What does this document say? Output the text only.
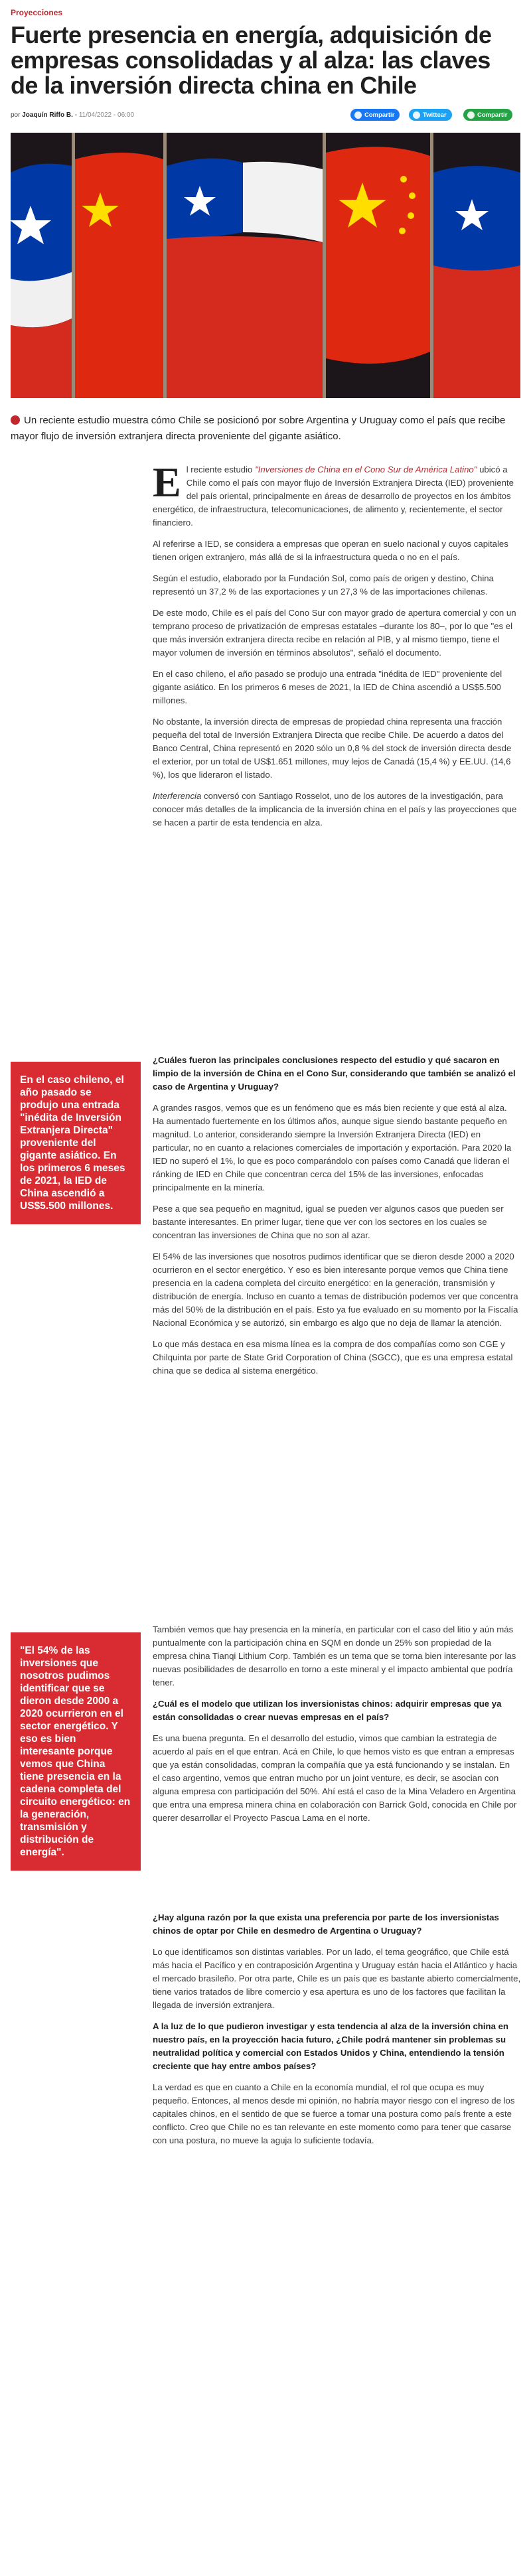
Proyecciones
Fuerte presencia en energía, adquisición de empresas consolidadas y al alza: las claves de la inversión directa china en Chile
por Joaquín Riffo B. - 11/04/2022 - 06:00	Compartir	Twittear	Compartir

Un reciente estudio muestra cómo Chile se posicionó por sobre Argentina y Uruguay como el país que recibe mayor flujo de inversión extranjera directa proveniente del gigante asiático.

El reciente estudio "Inversiones de China en el Cono Sur de América Latino" ubicó a Chile como el país con mayor flujo de Inversión Extranjera Directa (IED) proveniente del país oriental, principalmente en áreas de desarrollo de proyectos en los ámbitos energético, de infraestructura, telecomunicaciones, de alimento y, recientemente, el sector financiero.

Al referirse a IED, se considera a empresas que operan en suelo nacional y cuyos capitales tienen origen extranjero, más allá de si la infraestructura queda o no en el país.

Según el estudio, elaborado por la Fundación Sol, como país de origen y destino, China representó un 37,2 % de las exportaciones y un 27,3 % de las importaciones chilenas.

De este modo, Chile es el país del Cono Sur con mayor grado de apertura comercial y con un temprano proceso de privatización de empresas estatales –durante los 80–, por lo que "es el que más inversión extranjera directa recibe en relación al PIB, y al mismo tiempo, tiene el mayor volumen de inversión en términos absolutos", señaló el documento.

En el caso chileno, el año pasado se produjo una entrada "inédita de IED" proveniente del gigante asiático. En los primeros 6 meses de 2021, la IED de China ascendió a US$5.500 millones.

No obstante, la inversión directa de empresas de propiedad china representa una fracción pequeña del total de Inversión Extranjera Directa que recibe Chile. De acuerdo a datos del Banco Central, China representó en 2020 sólo un 0,8 % del stock de inversión directa desde el exterior, por un total de US$1.651 millones, muy lejos de Canadá (15,4 %) y EE.UU. (14,6 %), los que lideraron el listado.

Interferencia conversó con Santiago Rosselot, uno de los autores de la investigación, para conocer más detalles de la implicancia de la inversión china en el país y las proyecciones que se hacen a partir de esta tendencia en alza.

En el caso chileno, el año pasado se produjo una entrada "inédita de Inversión Extranjera Directa" proveniente del gigante asiático. En los primeros 6 meses de 2021, la IED de China ascendió a US$5.500 millones.

¿Cuáles fueron las principales conclusiones respecto del estudio y qué sacaron en limpio de la inversión de China en el Cono Sur, considerando que también se analizó el caso de Argentina y Uruguay?

A grandes rasgos, vemos que es un fenómeno que es más bien reciente y que está al alza. Ha aumentado fuertemente en los últimos años, aunque sigue siendo bastante pequeño en magnitud. Lo anterior, considerando siempre la Inversión Extranjera Directa (IED) en particular, no en cuanto a relaciones comerciales de importación y exportación. Para 2020 la IED no superó el 1%, lo que es poco comparándolo con países como Canadá que lideran el ránking de IED en Chile que concentran cerca del 15% de las inversiones, enfocadas principalmente en la minería.

Pese a que sea pequeño en magnitud, igual se pueden ver algunos casos que pueden ser bastante interesantes. En primer lugar, tiene que ver con los sectores en los cuales se concentran las inversiones de China que no son al azar.

El 54% de las inversiones que nosotros pudimos identificar que se dieron desde 2000 a 2020 ocurrieron en el sector energético. Y eso es bien interesante porque vemos que China tiene presencia en la cadena completa del circuito energético: en la generación, transmisión y distribución de energía. Incluso en cuanto a temas de distribución podemos ver que concentra más del 50% de la distribución en el país. Esto ya fue evaluado en su momento por la Fiscalía Nacional Económica y se autorizó, sin embargo es algo que no deja de llamar la atención.

Lo que más destaca en esa misma línea es la compra de dos compañías como son CGE y Chilquinta por parte de State Grid Corporation of China (SGCC), que es una empresa estatal china que se dedica al sistema energético.

"El 54% de las inversiones que nosotros pudimos identificar que se dieron desde 2000 a 2020 ocurrieron en el sector energético. Y eso es bien interesante porque vemos que China tiene presencia en la cadena completa del circuito energético: en la generación, transmisión y distribución de energía".

También vemos que hay presencia en la minería, en particular con el caso del litio y aún más puntualmente con la participación china en SQM en donde un 25% son propiedad de la empresa china Tianqi Lithium Corp. También es un tema que se torna bien interesante por las nuevas posibilidades de desarrollo en torno a este mineral y el impacto ambiental que podría tener.

¿Cuál es el modelo que utilizan los inversionistas chinos: adquirir empresas que ya están consolidadas o crear nuevas empresas en el país?

Es una buena pregunta. En el desarrollo del estudio, vimos que cambian la estrategia de acuerdo al país en el que entran. Acá en Chile, lo que hemos visto es que entran a empresas que ya están consolidadas, compran la compañía que ya está funcionando y se instalan. En el caso argentino, vemos que entran mucho por un joint venture, es decir, se asocian con alguna empresa con participación del 50%. Ahí está el caso de la Mina Veladero en Argentina que entra una empresa minera china en colaboración con Barrick Gold, conocida en Chile por querer desarrollar el Proyecto Pascua Lama en el norte.

¿Hay alguna razón por la que exista una preferencia por parte de los inversionistas chinos de optar por Chile en desmedro de Argentina o Uruguay?

Lo que identificamos son distintas variables. Por un lado, el tema geográfico, que Chile está más hacia el Pacífico y en contraposición Argentina y Uruguay están hacia el Atlántico y hacia el mercado brasileño. Por otra parte, Chile es un país que es bastante abierto comercialmente, tiene varios tratados de libre comercio y esa apertura es uno de los factores que facilitan la llegada de inversión extranjera.

A la luz de lo que pudieron investigar y esta tendencia al alza de la inversión china en nuestro país, en la proyección hacia futuro, ¿Chile podrá mantener sin problemas su neutralidad política y comercial con Estados Unidos y China, entendiendo la tensión creciente que hay entre ambos países?

La verdad es que en cuanto a Chile en la economía mundial, el rol que ocupa es muy pequeño. Entonces, al menos desde mi opinión, no habría mayor riesgo con el ingreso de los capitales chinos, en el sentido de que se fuerce a tomar una postura como país frente a este conflicto. Creo que Chile no es tan relevante en este momento como para tener que casarse con una postura, no mueve la aguja lo suficiente todavía.
